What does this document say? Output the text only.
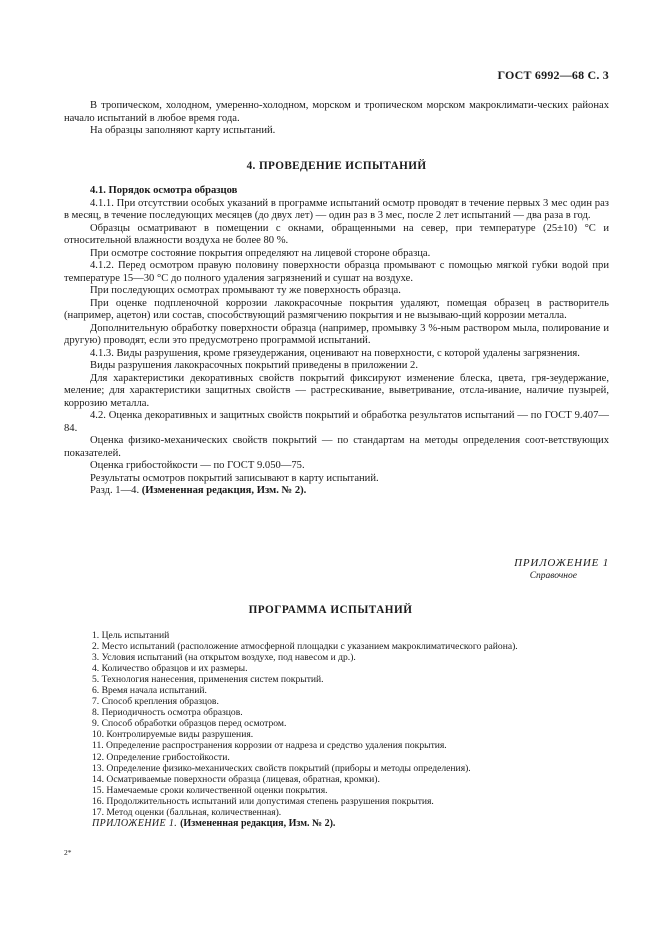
ГОСТ 6992—68 С. 3

В тропическом, холодном, умеренно-холодном, морском и тропическом морском макроклимати-ческих районах начало испытаний в любое время года.

На образцы заполняют карту испытаний.

4. ПРОВЕДЕНИЕ ИСПЫТАНИЙ

4.1. Порядок осмотра образцов

4.1.1. При отсутствии особых указаний в программе испытаний осмотр проводят в течение первых 3 мес один раз в месяц, в течение последующих месяцев (до двух лет) — один раз в 3 мес, после 2 лет испытаний — два раза в год.

Образцы осматривают в помещении с окнами, обращенными на север, при температуре (25±10) °С и относительной влажности воздуха не более 80 %.

При осмотре состояние покрытия определяют на лицевой стороне образца.

4.1.2. Перед осмотром правую половину поверхности образца промывают с помощью мягкой губки водой при температуре 15—30 °С до полного удаления загрязнений и сушат на воздухе.

При последующих осмотрах промывают ту же поверхность образца.

При оценке подпленочной коррозии лакокрасочные покрытия удаляют, помещая образец в растворитель (например, ацетон) или состав, способствующий размягчению покрытия и не вызываю-щий коррозии металла.

Дополнительную обработку поверхности образца (например, промывку 3 %-ным раствором мыла, полирование и другую) проводят, если это предусмотрено программой испытаний.

4.1.3. Виды разрушения, кроме грязеудержания, оценивают на поверхности, с которой удалены загрязнения.

Виды разрушения лакокрасочных покрытий приведены в приложении 2.

Для характеристики декоративных свойств покрытий фиксируют изменение блеска, цвета, гря-зеудержание, меление; для характеристики защитных свойств — растрескивание, выветривание, отсла-ивание, наличие пузырей, коррозию металла.

4.2. Оценка декоративных и защитных свойств покрытий и обработка результатов испытаний — по ГОСТ 9.407—84.

Оценка физико-механических свойств покрытий — по стандартам на методы определения соот-ветствующих показателей.

Оценка грибостойкости — по ГОСТ 9.050—75.

Результаты осмотров покрытий записывают в карту испытаний.

Разд. 1—4. (Измененная редакция, Изм. № 2).

ПРИЛОЖЕНИЕ 1
Справочное
ПРОГРАММА ИСПЫТАНИЙ
1. Цель испытаний
2. Место испытаний (расположение атмосферной площадки с указанием макроклиматического района).
3. Условия испытаний (на открытом воздухе, под навесом и др.).
4. Количество образцов и их размеры.
5. Технология нанесения, применения систем покрытий.
6. Время начала испытаний.
7. Способ крепления образцов.
8. Периодичность осмотра образцов.
9. Способ обработки образцов перед осмотром.
10. Контролируемые виды разрушения.
11. Определение распространения коррозии от надреза и средство удаления покрытия.
12. Определение грибостойкости.
13. Определение физико-механических свойств покрытий (приборы и методы определения).
14. Осматриваемые поверхности образца (лицевая, обратная, кромки).
15. Намечаемые сроки количественной оценки покрытия.
16. Продолжительность испытаний или допустимая степень разрушения покрытия.
17. Метод оценки (балльная, количественная).
ПРИЛОЖЕНИЕ 1. (Измененная редакция, Изм. № 2).
2*
